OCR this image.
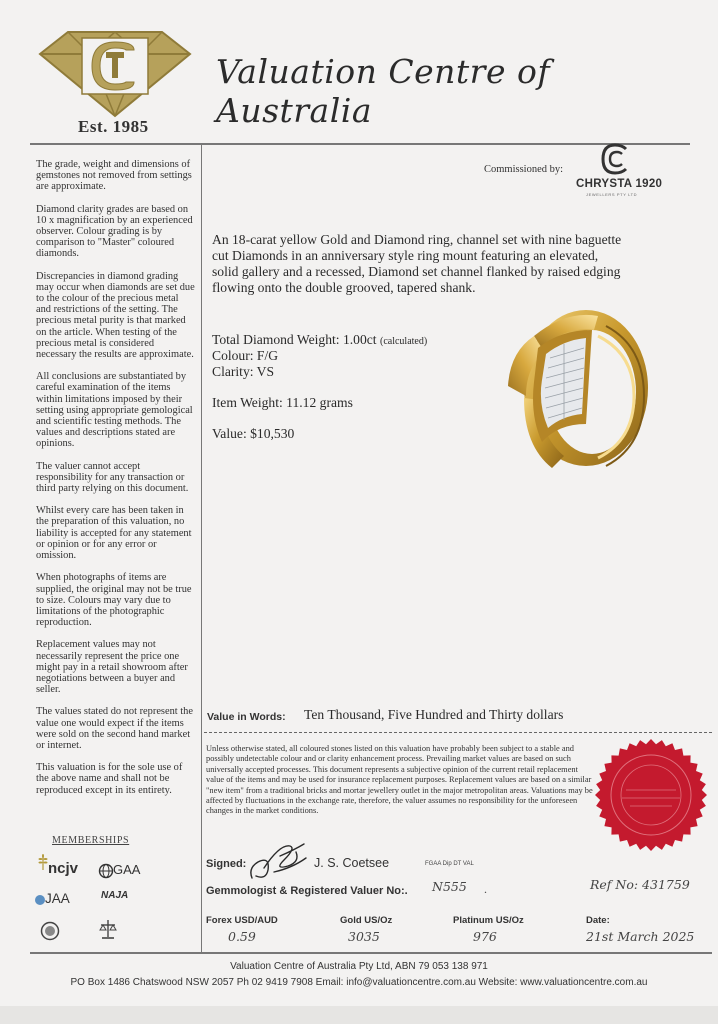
Est. 1985
Valuation Centre of Australia

The grade, weight and dimensions of gemstones not removed from settings are approximate.

Diamond clarity grades are based on 10 x magnification by an experienced observer. Colour grading is by comparison to "Master" coloured diamonds.

Discrepancies in diamond grading may occur when diamonds are set due to the colour of the precious metal and restrictions of the setting. The precious metal purity is that marked on the article. When testing of the precious metal is considered necessary the results are approximate.

All conclusions are substantiated by careful examination of the items within limitations imposed by their setting using appropriate gemological and scientific testing methods. The values and descriptions stated are opinions.

The valuer cannot accept responsibility for any transaction or third party relying on this document.

Whilst every care has been taken in the preparation of this valuation, no liability is accepted for any statement or opinion or for any error or omission.

When photographs of items are supplied, the original may not be true to size. Colours may vary due to limitations of the photographic reproduction.

Replacement values may not necessarily represent the price one might pay in a retail showroom after negotiations between a buyer and seller.

The values stated do not represent the value one would expect if the items were sold on the second hand market or internet.

This valuation is for the sole use of the above name and shall not be reproduced except in its entirety.

MEMBERSHIPS
ncjv	GAA
JAA	NAJA
Commissioned by:
CHRYSTA 1920
JEWELLERS PTY LTD
An 18-carat yellow Gold and Diamond ring, channel set with nine baguette cut Diamonds in an anniversary style ring mount featuring an elevated, solid gallery and a recessed, Diamond set channel flanked by raised edging flowing onto the double grooved, tapered shank.
Total Diamond Weight: 1.00ct (calculated)
Colour: F/G
Clarity: VS
Item Weight: 11.12 grams
Value: $10,530
Value in Words: Ten Thousand, Five Hundred and Thirty dollars
Unless otherwise stated, all coloured stones listed on this valuation have probably been subject to a stable and possibly undetectable colour and or clarity enhancement process. Prevailing market values are based on such universally accepted processes. This document represents a subjective opinion of the current retail replacement value of the items and may be used for insurance replacement purposes. Replacement values are based on a similar "new item" from a traditional bricks and mortar jewellery outlet in the major metropolitan areas. Valuations may be affected by fluctuations in the exchange rate, therefore, the valuer assumes no responsibility for the unforeseen changes in the market conditions.
Signed:	J. S. Coetsee	FGAA Dip DT VAL
Gemmologist & Registered Valuer No:. N555 .	Ref No: 431759
Forex USD/AUD
0.59
Gold US/Oz
3035
Platinum US/Oz
976
Date:
21st March 2025
Valuation Centre of Australia Pty Ltd, ABN 79 053 138 971
PO Box 1486 Chatswood NSW 2057 Ph 02 9419 7908 Email: info@valuationcentre.com.au Website: www.valuationcentre.com.au
